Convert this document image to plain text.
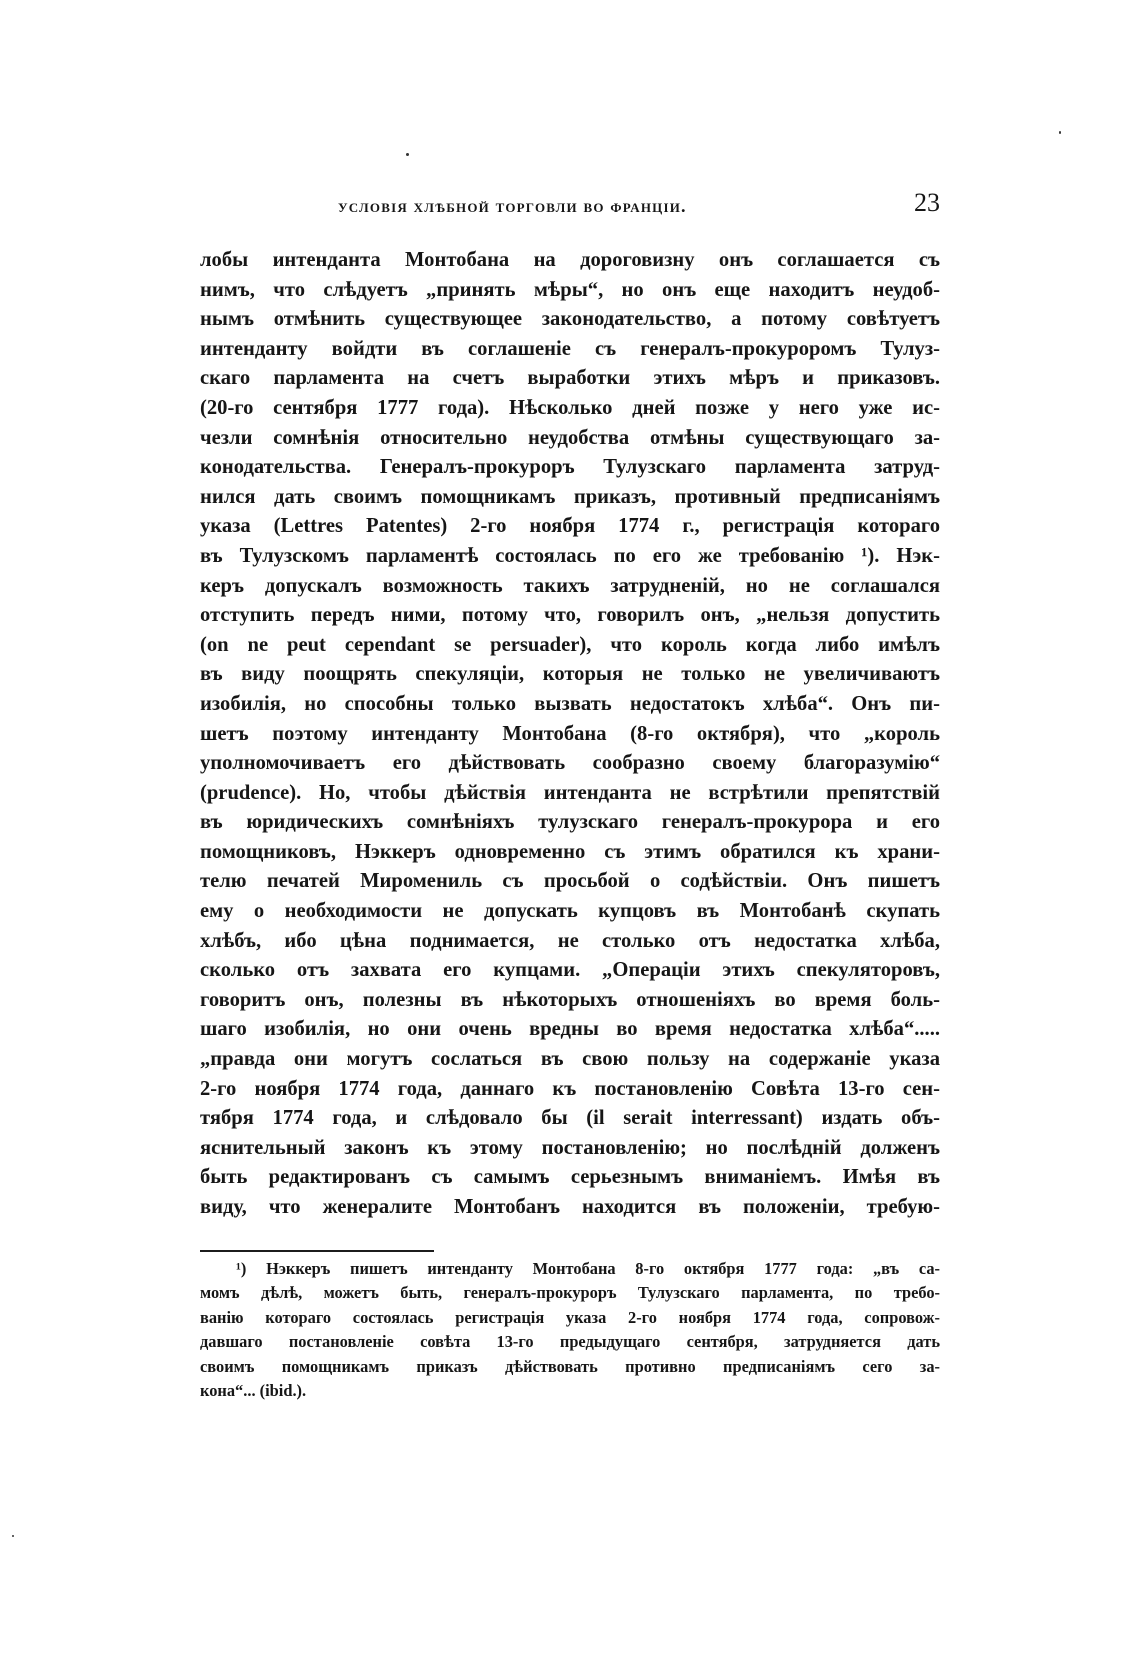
условія хлѣбной торговли во франціи.	23
лобы интенданта Монтобана на дороговизну онъ соглашается съ
нимъ, что слѣдуетъ „принять мѣры“, но онъ еще находитъ неудоб-
нымъ отмѣнить существующее законодательство, а потому совѣтуетъ
интенданту войдти въ соглашеніе съ генералъ-прокуроромъ Тулуз-
скаго парламента на счетъ выработки этихъ мѣръ и приказовъ.
(20-го сентября 1777 года). Нѣсколько дней позже у него уже ис-
чезли сомнѣнія относительно неудобства отмѣны существующаго за-
конодательства. Генералъ-прокуроръ Тулузскаго парламента затруд-
нился дать своимъ помощникамъ приказъ, противный предписаніямъ
указа (Lettres Patentes) 2-го ноября 1774 г., регистрація котораго
въ Тулузскомъ парламентѣ состоялась по его же требованію ¹). Нэк-
керъ допускалъ возможность такихъ затрудненій, но не соглашался
отступить передъ ними, потому что, говорилъ онъ, „нельзя допустить
(on ne peut cependant se persuader), что король когда либо имѣлъ
въ виду поощрять спекуляціи, которыя не только не увеличиваютъ
изобилія, но способны только вызвать недостатокъ хлѣба“. Онъ пи-
шетъ поэтому интенданту Монтобана (8-го октября), что „король
уполномочиваетъ его дѣйствовать сообразно своему благоразумію“
(prudence). Но, чтобы дѣйствія интенданта не встрѣтили препятствій
въ юридическихъ сомнѣніяхъ тулузскаго генералъ-прокурора и его
помощниковъ, Нэккеръ одновременно съ этимъ обратился къ храни-
телю печатей Миромениль съ просьбой о содѣйствіи. Онъ пишетъ
ему о необходимости не допускать купцовъ въ Монтобанѣ скупать
хлѣбъ, ибо цѣна поднимается, не столько отъ недостатка хлѣба,
сколько отъ захвата его купцами. „Операціи этихъ спекуляторовъ,
говоритъ онъ, полезны въ нѣкоторыхъ отношеніяхъ во время боль-
шаго изобилія, но они очень вредны во время недостатка хлѣба“.....
„правда они могутъ сослаться въ свою пользу на содержаніе указа
2-го ноября 1774 года, даннаго къ постановленію Совѣта 13-го сен-
тября 1774 года, и слѣдовало бы (il serait interressant) издать объ-
яснительный законъ къ этому постановленію; но послѣдній долженъ
быть редактированъ съ самымъ серьезнымъ вниманіемъ. Имѣя въ
виду, что женералите Монтобанъ находится въ положеніи, требую-
¹) Нэккеръ пишетъ интенданту Монтобана 8-го октября 1777 года: „въ са-
момъ дѣлѣ, можетъ быть, генералъ-прокуроръ Тулузскаго парламента, по требо-
ванію котораго состоялась регистрація указа 2-го ноября 1774 года, сопровож-
давшаго постановленіе совѣта 13-го предыдущаго сентября, затрудняется дать
своимъ помощникамъ приказъ дѣйствовать противно предписаніямъ сего за-
кона“... (ibid.).
